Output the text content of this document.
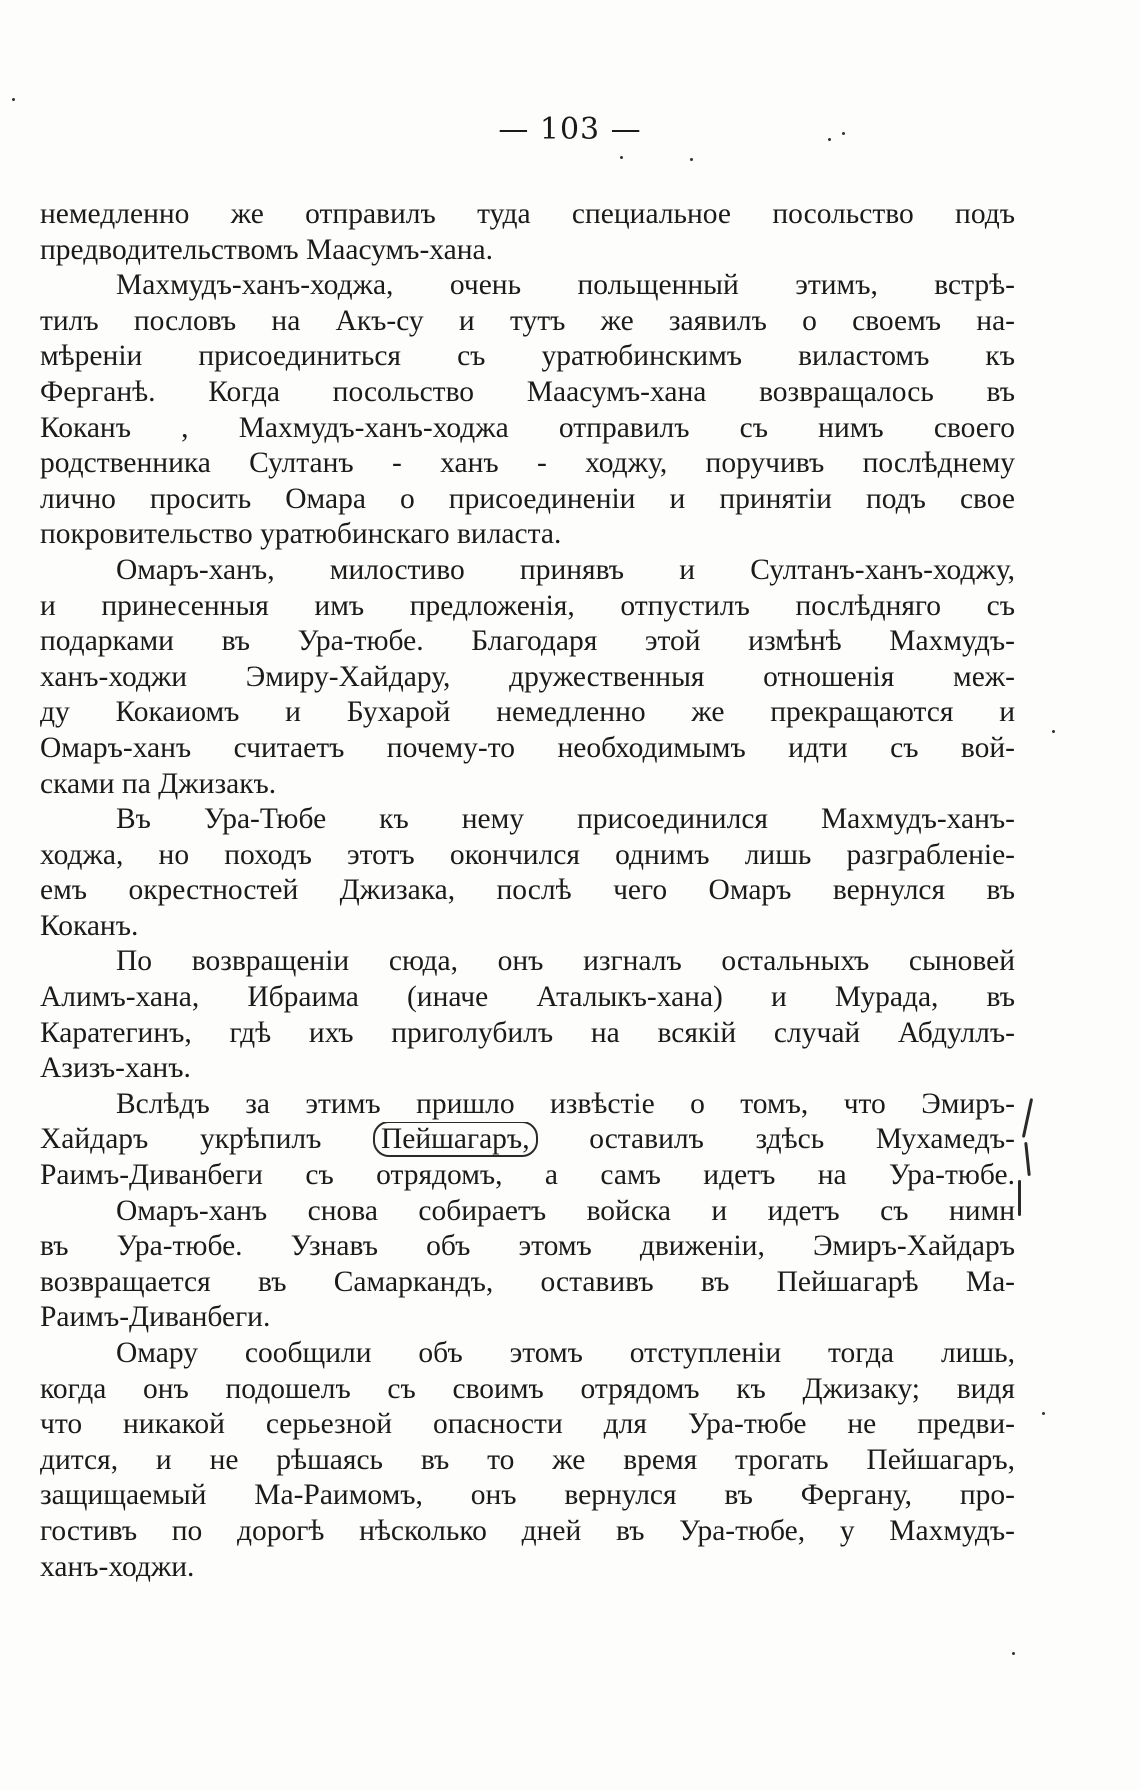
— 103 —
немедленно же отправилъ туда специальное посольство подъ
предводительствомъ Маасумъ-хана.
Махмудъ-ханъ-ходжа, очень польщенный этимъ, встрѣ-
тилъ пословъ на Акъ-су и тутъ же заявилъ о своемъ на-
мѣреніи присоединиться съ уратюбинскимъ виластомъ къ
Ферганѣ. Когда посольство Маасумъ-хана возвращалось въ
Коканъ , Махмудъ-ханъ-ходжа отправилъ съ нимъ своего
родственника Султанъ - ханъ - ходжу, поручивъ послѣднему
лично просить Омара о присоединеніи и принятіи подъ свое
покровительство уратюбинскаго виласта.
Омаръ-ханъ, милостиво принявъ и Султанъ-ханъ-ходжу,
и принесенныя имъ предложенія, отпустилъ послѣдняго съ
подарками въ Ура-тюбе. Благодаря этой измѣнѣ Махмудъ-
ханъ-ходжи Эмиру-Хайдару, дружественныя отношенія меж-
ду Кокаиомъ и Бухарой немедленно же прекращаются и
Омаръ-ханъ считаетъ почему-то необходимымъ идти съ вой-
сками па Джизакъ.
Въ Ура-Тюбе къ нему присоединился Махмудъ-ханъ-
ходжа, но походъ этотъ окончился однимъ лишь разграбленіе-
емъ окрестностей Джизака, послѣ чего Омаръ вернулся въ
Коканъ.
По возвращеніи сюда, онъ изгналъ остальныхъ сыновей
Алимъ-хана, Ибраима (иначе Аталыкъ-хана) и Мурада, въ
Каратегинъ, гдѣ ихъ приголубилъ на всякій случай Абдуллъ-
Азизъ-ханъ.
Вслѣдъ за этимъ пришло извѣстіе о томъ, что Эмиръ-
Хайдаръ укрѣпилъ Пейшагаръ, оставилъ здѣсь Мухамедъ-
Раимъ-Диванбеги съ отрядомъ, а самъ идетъ на Ура-тюбе.
Омаръ-ханъ снова собираетъ войска и идетъ съ нимн
въ Ура-тюбе. Узнавъ объ этомъ движеніи, Эмиръ-Хайдаръ
возвращается въ Самаркандъ, оставивъ въ Пейшагарѣ Ма-
Раимъ-Диванбеги.
Омару сообщили объ этомъ отступленіи тогда лишь,
когда онъ подошелъ съ своимъ отрядомъ къ Джизаку; видя
что никакой серьезной опасности для Ура-тюбе не предви-
дится, и не рѣшаясь въ то же время трогать Пейшагаръ,
защищаемый Ма-Раимомъ, онъ вернулся въ Фергану, про-
гостивъ по дорогѣ нѣсколько дней въ Ура-тюбе, у Махмудъ-
ханъ-ходжи.
